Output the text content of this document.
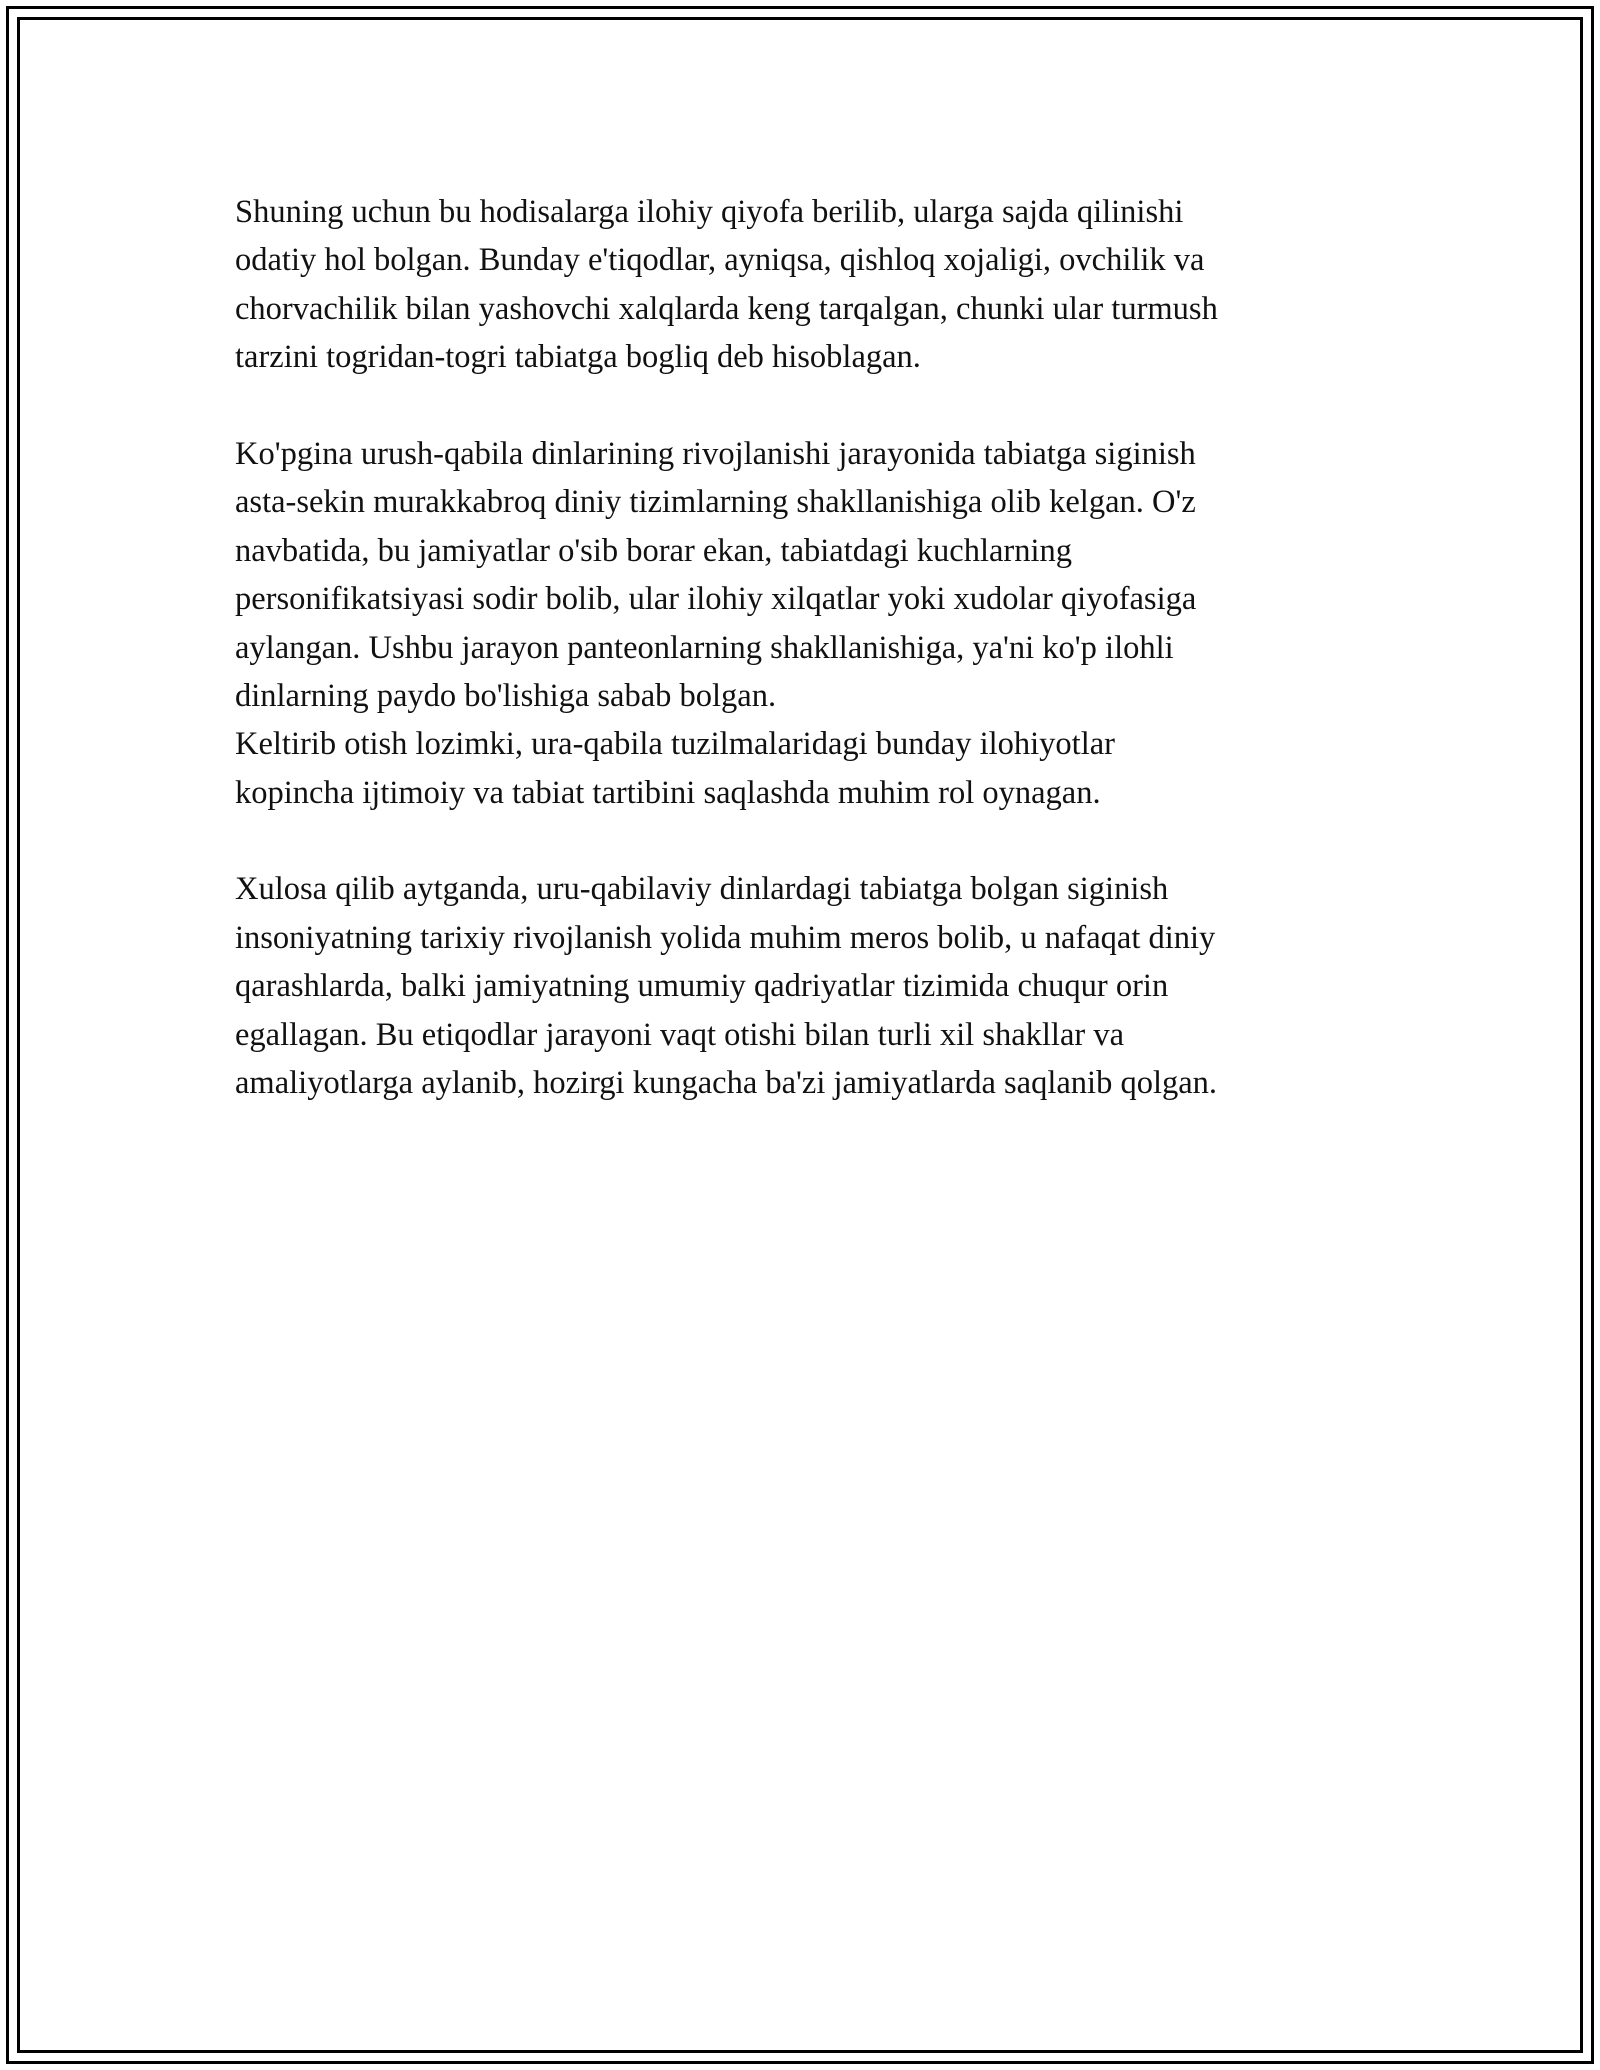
Shuning uchun bu hodisalarga ilohiy qiyofa berilib, ularga sajda qilinishi
odatiy hol bolgan. Bunday e'tiqodlar, ayniqsa, qishloq xojaligi, ovchilik va
chorvachilik bilan yashovchi xalqlarda keng tarqalgan, chunki ular turmush
tarzini togridan-togri tabiatga bogliq deb hisoblagan.

Ko'pgina urush-qabila dinlarining rivojlanishi jarayonida tabiatga siginish
asta-sekin murakkabroq diniy tizimlarning shakllanishiga olib kelgan. O'z
navbatida, bu jamiyatlar o'sib borar ekan, tabiatdagi kuchlarning
personifikatsiyasi sodir bolib, ular ilohiy xilqatlar yoki xudolar qiyofasiga
aylangan. Ushbu jarayon panteonlarning shakllanishiga, ya'ni ko'p ilohli
dinlarning paydo bo'lishiga sabab bolgan.

Keltirib otish lozimki, ura-qabila tuzilmalaridagi bunday ilohiyotlar
kopincha ijtimoiy va tabiat tartibini saqlashda muhim rol oynagan.

Xulosa qilib aytganda, uru-qabilaviy dinlardagi tabiatga bolgan siginish
insoniyatning tarixiy rivojlanish yolida muhim meros bolib, u nafaqat diniy
qarashlarda, balki jamiyatning umumiy qadriyatlar tizimida chuqur orin
egallagan. Bu etiqodlar jarayoni vaqt otishi bilan turli xil shakllar va
amaliyotlarga aylanib, hozirgi kungacha ba'zi jamiyatlarda saqlanib qolgan.
